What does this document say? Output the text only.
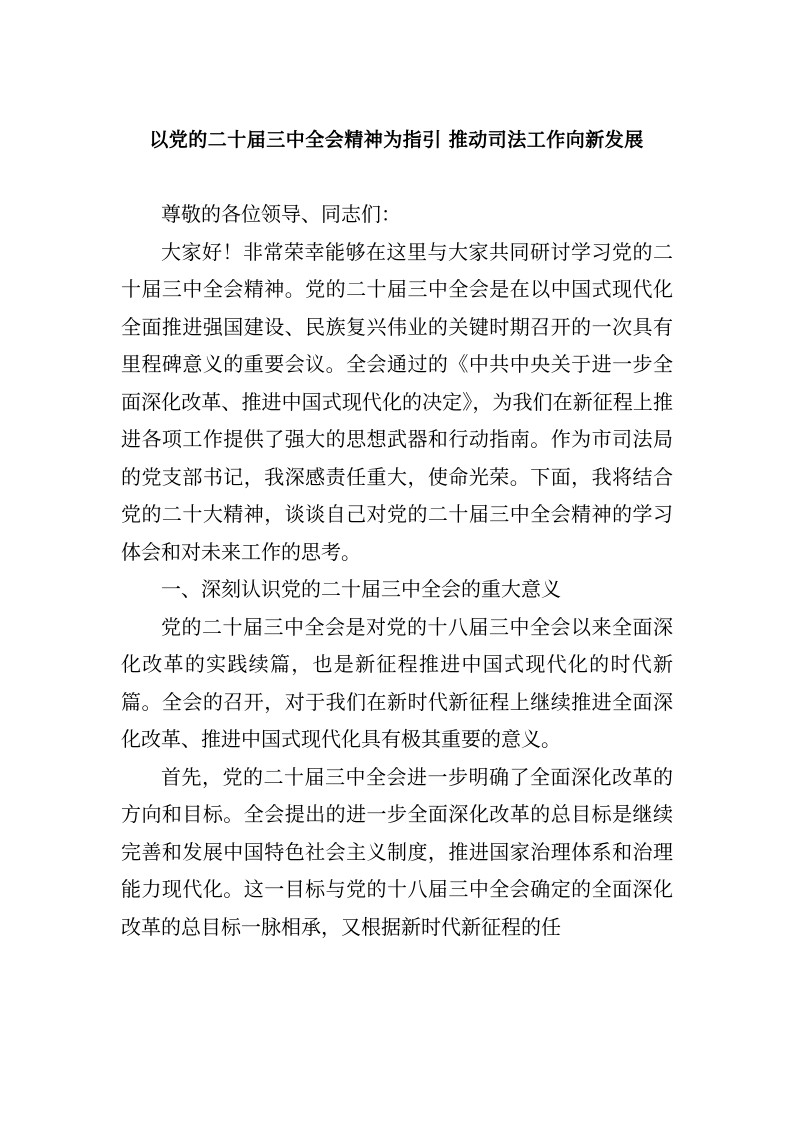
以党的二十届三中全会精神为指引 推动司法工作向新发展

尊敬的各位领导、同志们：

大家好！非常荣幸能够在这里与大家共同研讨学习党的二十届三中全会精神。党的二十届三中全会是在以中国式现代化全面推进强国建设、民族复兴伟业的关键时期召开的一次具有里程碑意义的重要会议。全会通过的《中共中央关于进一步全面深化改革、推进中国式现代化的决定》，为我们在新征程上推进各项工作提供了强大的思想武器和行动指南。作为市司法局的党支部书记，我深感责任重大，使命光荣。下面，我将结合党的二十大精神，谈谈自己对党的二十届三中全会精神的学习体会和对未来工作的思考。

一、深刻认识党的二十届三中全会的重大意义

党的二十届三中全会是对党的十八届三中全会以来全面深化改革的实践续篇，也是新征程推进中国式现代化的时代新篇。全会的召开，对于我们在新时代新征程上继续推进全面深化改革、推进中国式现代化具有极其重要的意义。

首先，党的二十届三中全会进一步明确了全面深化改革的方向和目标。全会提出的进一步全面深化改革的总目标是继续完善和发展中国特色社会主义制度，推进国家治理体系和治理能力现代化。这一目标与党的十八届三中全会确定的全面深化改革的总目标一脉相承，又根据新时代新征程的任
